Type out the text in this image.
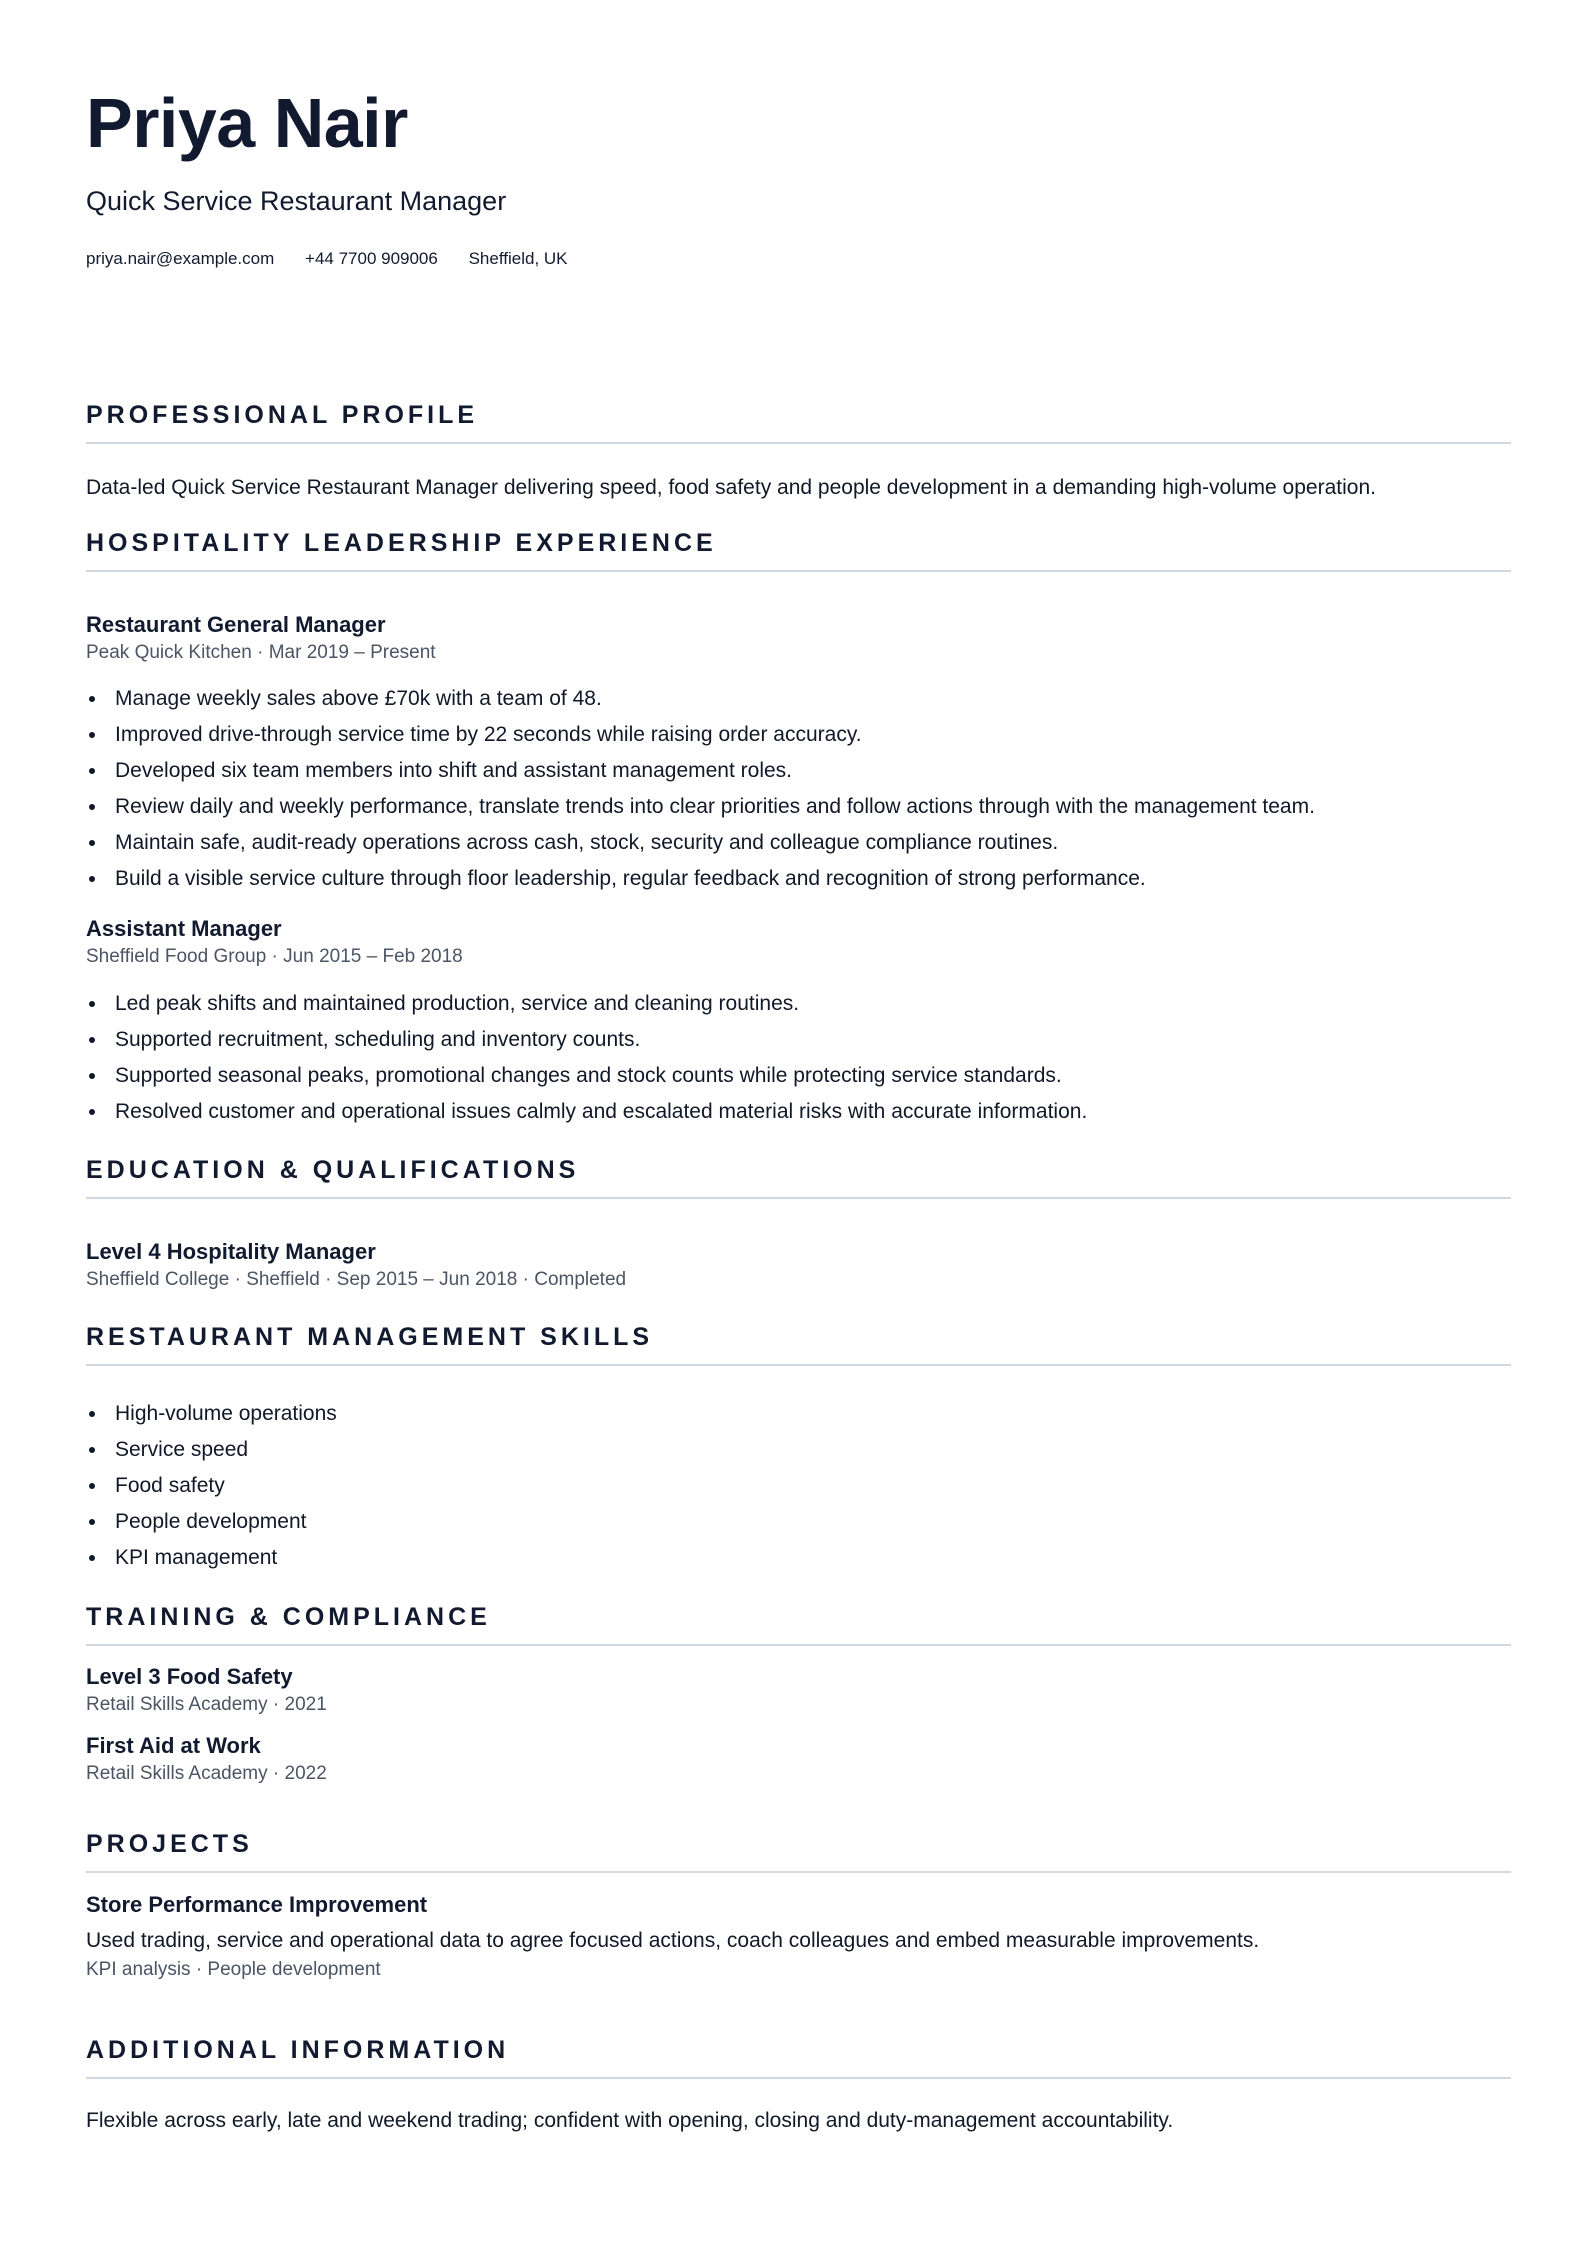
Priya Nair
Quick Service Restaurant Manager
priya.nair@example.com +44 7700 909006 Sheffield, UK
PROFESSIONAL PROFILE

Data-led Quick Service Restaurant Manager delivering speed, food safety and people development in a demanding high-volume operation.

HOSPITALITY LEADERSHIP EXPERIENCE
Restaurant General Manager
Peak Quick Kitchen · Mar 2019 – Present
Manage weekly sales above £70k with a team of 48.
Improved drive-through service time by 22 seconds while raising order accuracy.
Developed six team members into shift and assistant management roles.
Review daily and weekly performance, translate trends into clear priorities and follow actions through with the management team.
Maintain safe, audit-ready operations across cash, stock, security and colleague compliance routines.
Build a visible service culture through floor leadership, regular feedback and recognition of strong performance.
Assistant Manager
Sheffield Food Group · Jun 2015 – Feb 2018
Led peak shifts and maintained production, service and cleaning routines.
Supported recruitment, scheduling and inventory counts.
Supported seasonal peaks, promotional changes and stock counts while protecting service standards.
Resolved customer and operational issues calmly and escalated material risks with accurate information.
EDUCATION & QUALIFICATIONS
Level 4 Hospitality Manager
Sheffield College · Sheffield · Sep 2015 – Jun 2018 · Completed
RESTAURANT MANAGEMENT SKILLS
High-volume operations
Service speed
Food safety
People development
KPI management
TRAINING & COMPLIANCE
Level 3 Food Safety
Retail Skills Academy · 2021
First Aid at Work
Retail Skills Academy · 2022
PROJECTS
Store Performance Improvement

Used trading, service and operational data to agree focused actions, coach colleagues and embed measurable improvements.

KPI analysis · People development
ADDITIONAL INFORMATION

Flexible across early, late and weekend trading; confident with opening, closing and duty-management accountability.
